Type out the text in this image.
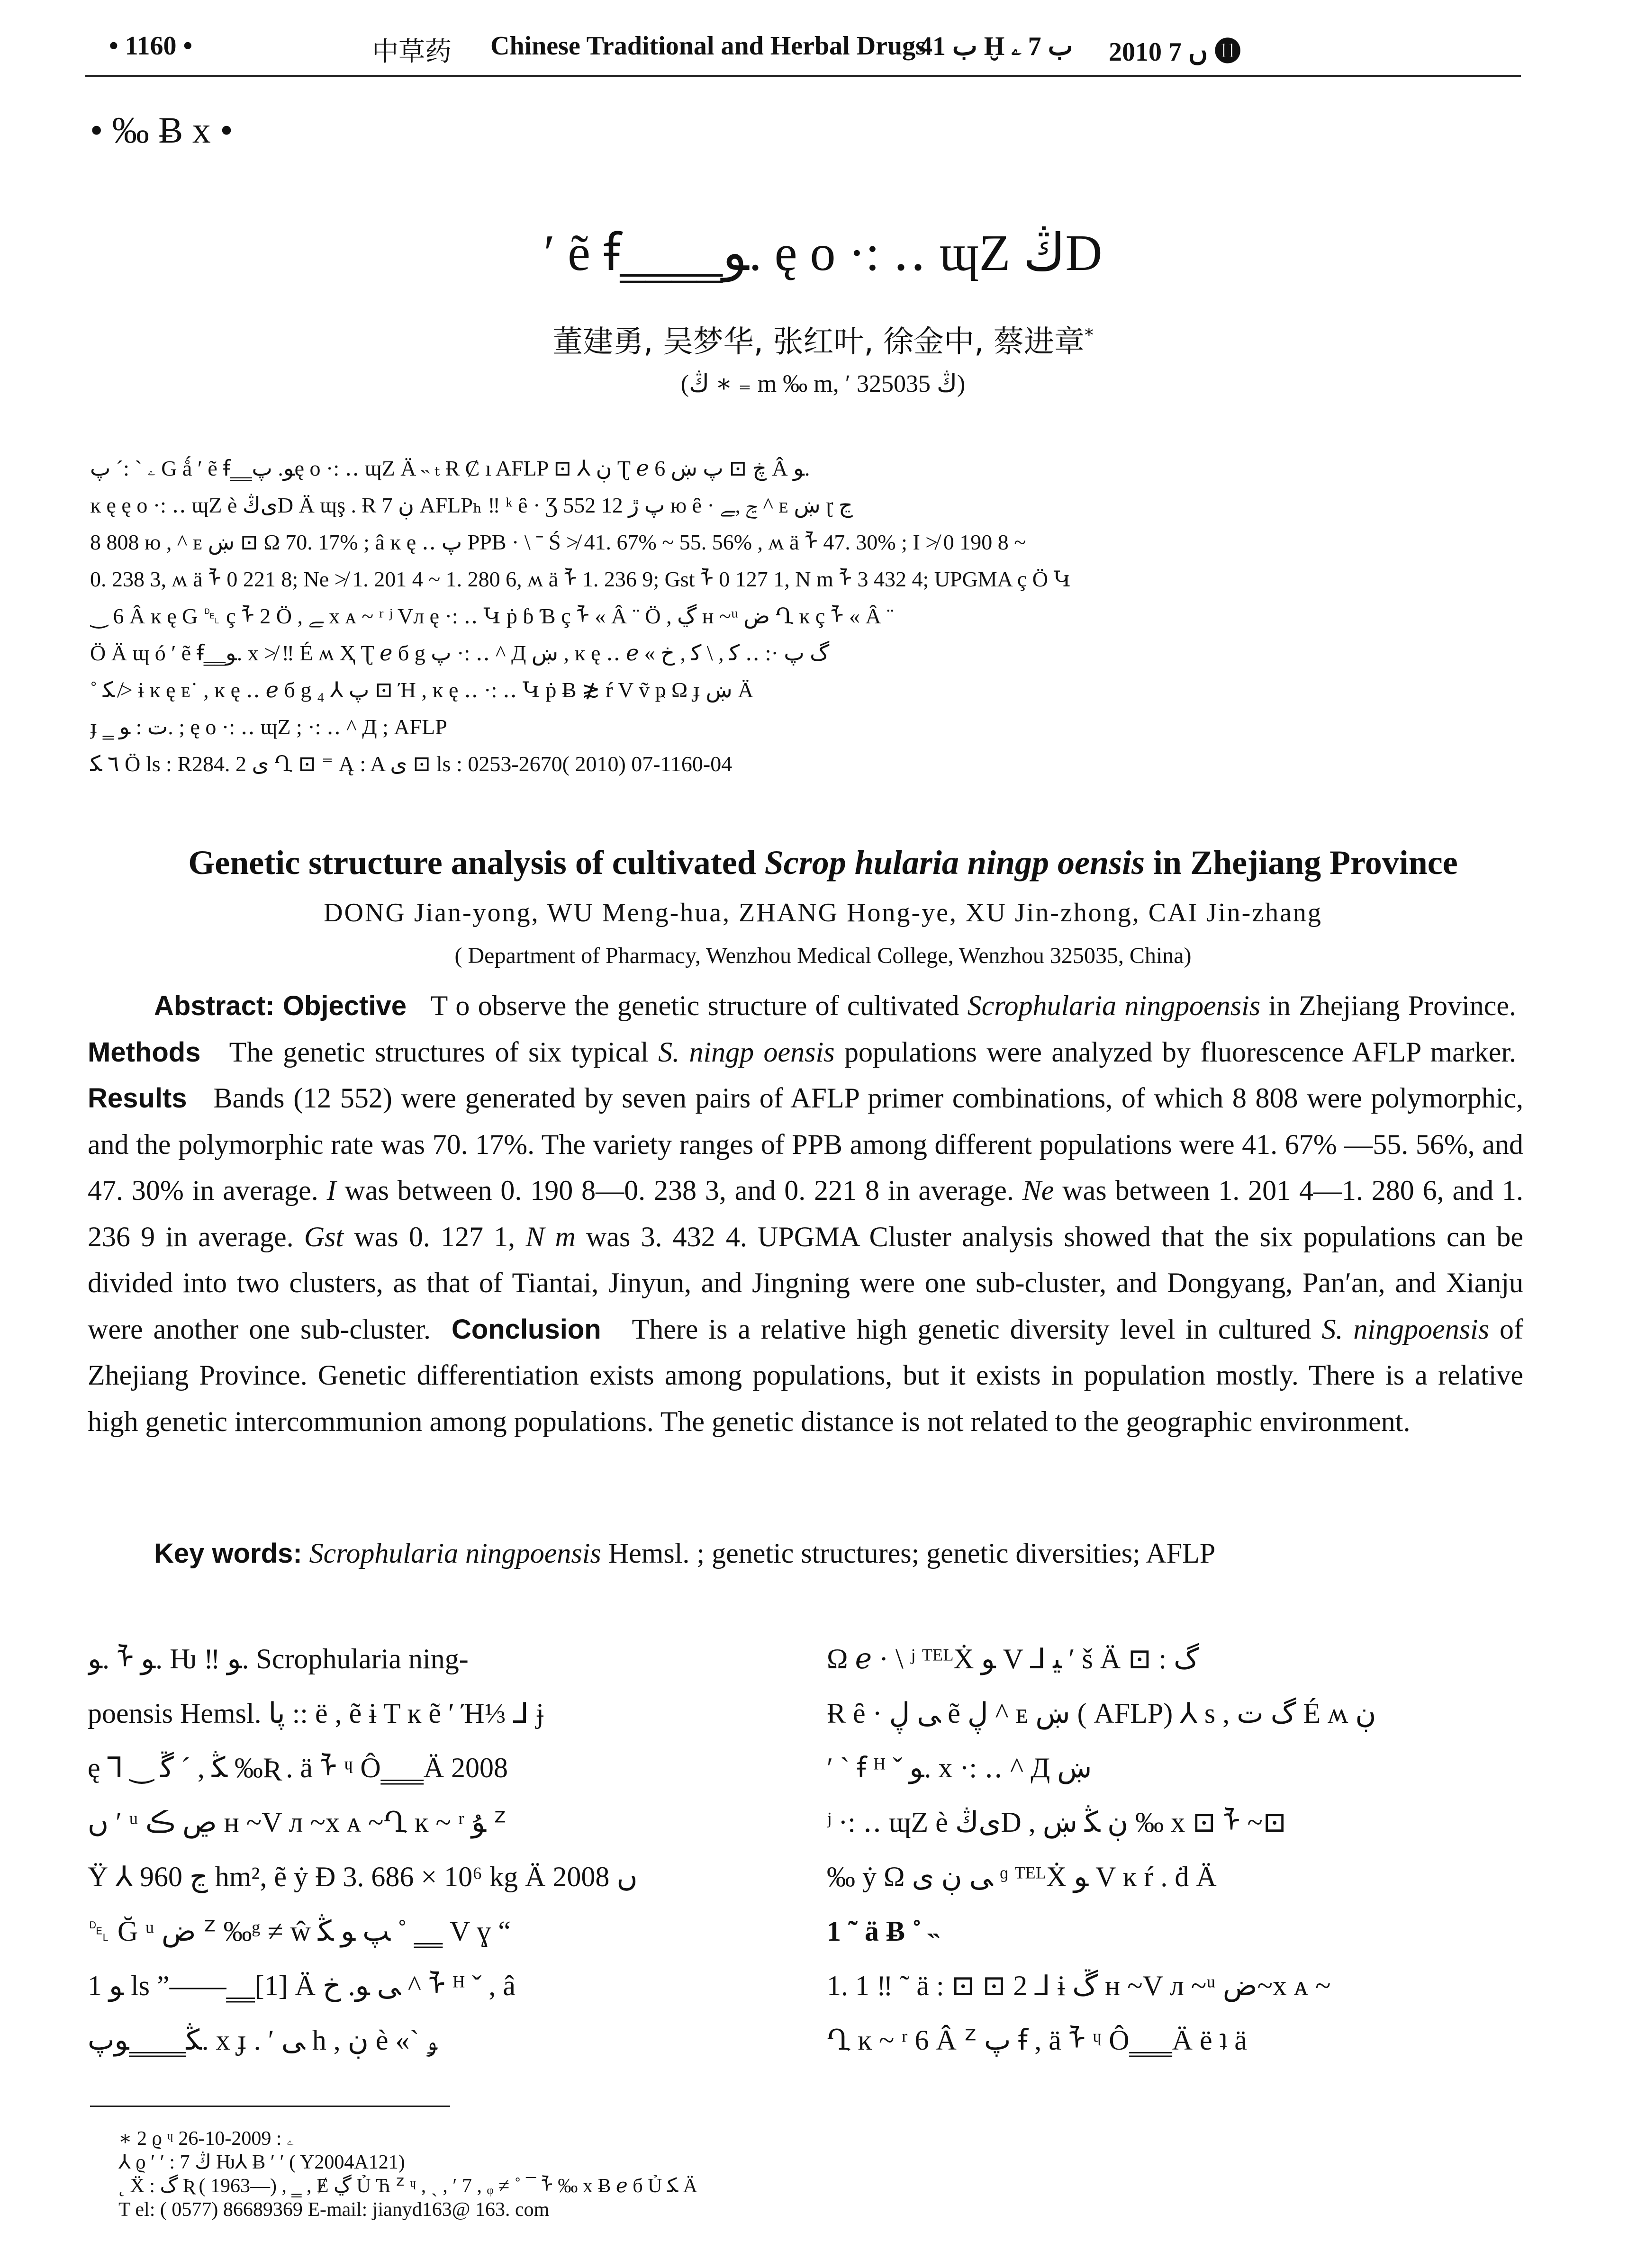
• 1160 •	中草药 Chinese Traditional and Herbal Drugs
ب 41 Ḫ ب 7 ۦ 2010 ں 7 ⓫
• ‰ Ƀ x •
′ ẽ ꞙ‗‗‗‗ﻮ. ę o ·: ‥ ɰZ ڭD
董建勇, 吴梦华, 张红叶, 徐金中, 蔡进章*
(ڭ ∗ ₌ m ‰ m, ′ ڭ 325035)

ۦ ˋ :ˊ پ G ǻ ′ ẽ ꞙ‗‗ﻮ. پę o ·: ‥ ɰZ Ä ˵ ₜ Ɍ Ȼ ı AFLP ⊡ ⅄ ڹ Ʈ ℯ ڿ ⊡ پ ښ 6 Â ﻮ.

ĸ ę ę o ·: ‥ ɰZ è ﯼڭD Ä ɰş . Ɍ 7 ڹ AFLPₕ ‼ ᵏ ȇ · Ʒ پ ڙ 12 552 ю ȇ · ڃ ,ﮯ ^ ᴇ ښ ɽ ڃ

8 808 ю , ^ ᴇ ښ ⊡ Ω 70. 17% ; â ĸ ę ‥ پ PPB · \ ˉ Ś ≯ 41. 67% ~ 55. 56% , ʍ ä ᠯ 47. 30% ; I ≯ 0 190 8 ~

0. 238 3, ʍ ä ᠯ 0 221 8; Ne ≯ 1. 201 4 ~ 1. 280 6, ʍ ä ᠯ 1. 236 9; Gst ᠯ 0 127 1, N m ᠯ 3 432 4; UPGMA ç Ö Կ

‿ 6 Â ĸ ę G ␡ ç ᠯ 2 Ö , ﮯ x ᴀ ~ ʳ ʲ Vл ę ·: ‥ Կ ṗ ɓ Ɓ ç ᠯ « Â ¨ Ö , ڲ ʜ ~ᵘ ض Ղ ĸ ç ᠯ « Â ¨

Ö Ä ɰ ó ′ ẽ ꞙ‗‗ﻮ. x ≯ ‼ É ʍ Ҳ Ʈ ℯ б g پ ·: ‥ ^ Д ښ , ĸ ę ‥ ℯ « گ پ ·: ‥ ﮐ , \ ﮐ , ﺥ

˚ ﮑ ≯ ɨ ĸ ę ᴇ˙ , ĸ ę ‥ ℯ б g پ ⅄ ₄ ⊡ Ή , ĸ ę ‥ ·: ‥ Կ ṗ Ƀ ≵ ŕ V ṽ ҏ Ω ɟ ښ Ä

ɟ ‗ ﺕ : ﻮ. ; ę o ·: ‥ ɰZ ; ·: ‥ ^ Д ; AFLP

٦ ﮑ Ö ls : R284. 2 ﯼ Ղ ⊡ ⁼ Ą : A ﯼ ⊡ ls : 0253-2670( 2010) 07-1160-04

Genetic structure analysis of cultivated Scrop hularia ningp oensis in Zhejiang Province
DONG Jian-yong, WU Meng-hua, ZHANG Hong-ye, XU Jin-zhong, CAI Jin-zhang
( Department of Pharmacy, Wenzhou Medical College, Wenzhou 325035, China)
Abstract: Objective T o observe the genetic structure of cultivated Scrophularia ningpoensis in Zhejiang Province.  Methods The genetic structures of six typical S. ningp oensis populations were analyzed by fluorescence AFLP marker.  Results Bands (12 552) were generated by seven pairs of AFLP primer combinations, of which 8 808 were polymorphic, and the polymorphic rate was 70. 17%. The variety ranges of PPB among different populations were 41. 67% —55. 56%, and 47. 30% in average. I was between 0. 190 8—0. 238 3, and 0. 221 8 in average. Ne was between 1. 201 4—1. 280 6, and 1. 236 9 in average. Gst was 0. 127 1, N m was 3. 432 4. UPGMA Cluster analysis showed that the six populations can be divided into two clusters, as that of Tiantai, Jinyun, and Jingning were one sub-cluster, and Dongyang, Pan′an, and Xianju were another one sub-cluster. Conclusion There is a relative high genetic diversity level in cultured S. ningpoensis of Zhejiang Province. Genetic differentiation exists among populations, but it exists in population mostly. There is a relative high genetic intercommunion among populations. The genetic distance is not related to the geographic environment.
Key words: Scrophularia ningpoensis Hemsl. ; genetic structures; genetic diversities; AFLP

ﻮ. ᠯ ﻮ. Ƕ ‼ ﻮ. Scrophularia ning-

poensis Hemsl. پا :: ë , ẽ ɨ T ĸ ẽ ′ Ή⅓ ⅃ ɉ

ę ⅂ ‿ ﯖ , ˊ ﮜ ‰Ʀ . ä ᠯ ᶣ Ô‗‗‗Ä 2008

ں ′ ᵘ ڝ ڪ ʜ ~V л ~x ᴀ ~Ղ ĸ ~ ʳ ﯘ ᙆ

Ÿ ⅄ ڃ 960 hm², ẽ ẏ Ɖ 3. 686 × 10⁶ kg Ä 2008 ں

␡ Ğ ᵘ ض ᙆ ‰ᵍ ≠ ŵ ﭗ ﻮ ﯖ ˚ ‗‗ V ɣ “

ﻮ 1 ls ”——‗‗[1] Ä ﯽ ﻮ. ﺥ ^ ᠯ ᴴ ˇ , â

ﯖ‗‗‗‗ﻮپ. x ɟ . ′ ﯽ h , ڹ è «ˋ ﯡ

Ω ℯ · \ ʲ ᵀᴱᴸẊ ﻮ V ⅃ ﯿ ′ š Ä ⊡ : گ

Ɍ ȇ · ﯽ ڸ ẽ ڸ ^ ᴇ ښ ( AFLP) ⅄ s , ﮒ ﺕ É ʍ ڹ

′ ˋ ꞙ ᴴ ˇ ﻮ. x ·: ‥ ^ Д ښ

ʲ ·: ‥ ɰZ è ﯼڭD , ڹ ﯖ ښ ‰ x ⊡ ᠯ ~⊡

‰ ẏ Ω ﯽ ڹ ﯼ ᶢ ᵀᴱᴸẊ ﻮ V ĸ ŕ . ḋ Ä

1 ˜ ä Ƀ ˚ ˵

1. 1 ‼ ˜ ä : ⊡ ⊡ 2 ⅃ ɨ ڱ ʜ ~V л ~ᵘ ض~x ᴀ ~

Ղ ĸ ~ ʳ 6 Â ᙆ پ ꞙ , ä ᠯ ᶣ Ô‗‗‗Ä ë ʇ ä

∗ 2 ϱ ᶣ ۦ : 2009-10-26

⅄ ϱ ′ ′ : ڭ 7 Ƕ⅄ Ƀ ′ ′ ( Y2004A121)

˛ Ẍ : ﮒ Ʀ ( 1963—) , ‗ , Ɇ ڲ Ủ Ћ ᙆ ᶣ , ˏ , ′ 7 , ᵩ ≠ ˚ ¯ ᠯ ‰ x Ƀ ℯ б Ủ ﮑ Ä

T el: ( 0577) 86689369 E-mail: jianyd163@ 163. com
